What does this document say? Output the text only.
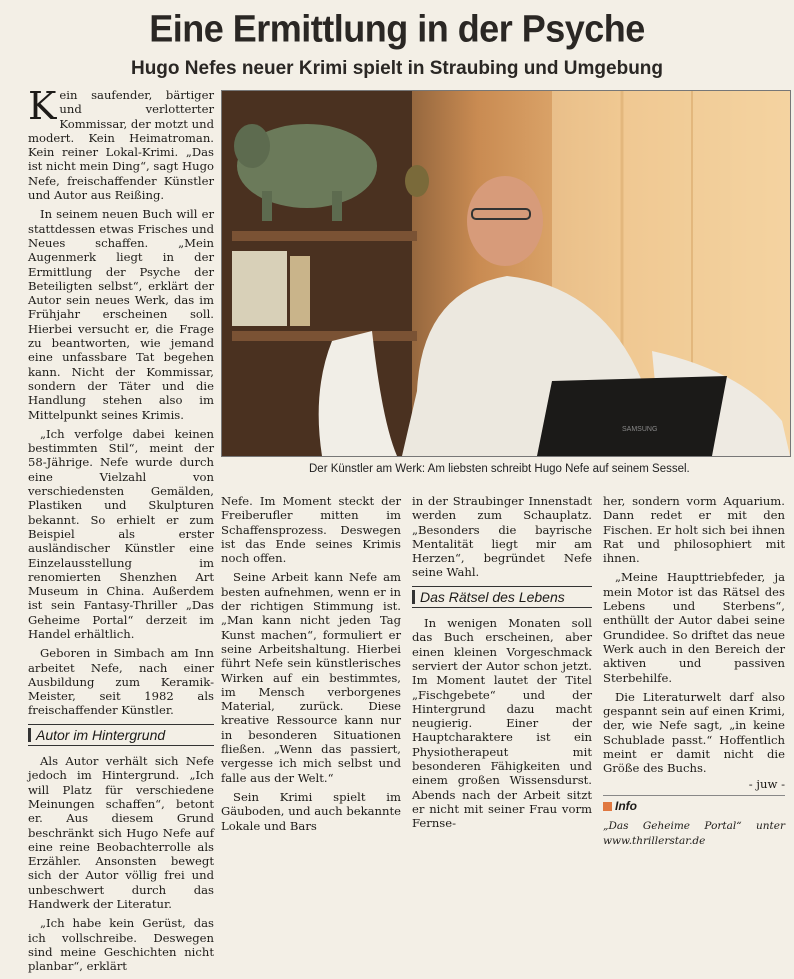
Eine Ermittlung in der Psyche
Hugo Nefes neuer Krimi spielt in Straubing und Umgebung

Kein saufender, bärtiger und verlotterter Kommissar, der motzt und modert. Kein Heimatroman. Kein reiner Lokal-Krimi. „Das ist nicht mein Ding“, sagt Hugo Nefe, freischaffender Künstler und Autor aus Reißing.

In seinem neuen Buch will er stattdessen etwas Frisches und Neues schaffen. „Mein Augenmerk liegt in der Ermittlung der Psyche der Beteiligten selbst“, erklärt der Autor sein neues Werk, das im Frühjahr erscheinen soll. Hierbei versucht er, die Frage zu beantworten, wie jemand eine unfassbare Tat begehen kann. Nicht der Kommissar, sondern der Täter und die Handlung stehen also im Mittelpunkt seines Krimis.

„Ich verfolge dabei keinen bestimmten Stil“, meint der 58-Jährige. Nefe wurde durch eine Vielzahl von verschiedensten Gemälden, Plastiken und Skulpturen bekannt. So erhielt er zum Beispiel als erster ausländischer Künstler eine Einzelausstellung im renomierten Shenzhen Art Museum in China. Außerdem ist sein Fantasy-Thriller „Das Geheime Portal“ derzeit im Handel erhältlich.

Geboren in Simbach am Inn arbeitet Nefe, nach einer Ausbildung zum Keramik-Meister, seit 1982 als freischaffender Künstler.

Autor im Hintergrund

Als Autor verhält sich Nefe jedoch im Hintergrund. „Ich will Platz für verschiedene Meinungen schaffen“, betont er. Aus diesem Grund beschränkt sich Hugo Nefe auf eine reine Beobachterrolle als Erzähler. Ansonsten bewegt sich der Autor völlig frei und unbeschwert durch das Handwerk der Literatur.

„Ich habe kein Gerüst, das ich vollschreibe. Deswegen sind meine Geschichten nicht planbar“, erklärt

SAMSUNG
Der Künstler am Werk: Am liebsten schreibt Hugo Nefe auf seinem Sessel.

Nefe. Im Moment steckt der Freiberufler mitten im Schaffensprozess. Deswegen ist das Ende seines Krimis noch offen.

Seine Arbeit kann Nefe am besten aufnehmen, wenn er in der richtigen Stimmung ist. „Man kann nicht jeden Tag Kunst machen“, formuliert er seine Arbeitshaltung. Hierbei führt Nefe sein künstlerisches Wirken auf ein bestimmtes, im Mensch verborgenes Material, zurück. Diese kreative Ressource kann nur in besonderen Situationen fließen. „Wenn das passiert, vergesse ich mich selbst und falle aus der Welt.“

Sein Krimi spielt im Gäuboden, und auch bekannte Lokale und Bars

in der Straubinger Innenstadt werden zum Schauplatz. „Besonders die bayrische Mentalität liegt mir am Herzen“, begründet Nefe seine Wahl.

Das Rätsel des Lebens

In wenigen Monaten soll das Buch erscheinen, aber einen kleinen Vorgeschmack serviert der Autor schon jetzt. Im Moment lautet der Titel „Fischgebete“ und der Hintergrund dazu macht neugierig. Einer der Hauptcharaktere ist ein Physiotherapeut mit besonderen Fähigkeiten und einem großen Wissensdurst. Abends nach der Arbeit sitzt er nicht mit seiner Frau vorm Fernse-

her, sondern vorm Aquarium. Dann redet er mit den Fischen. Er holt sich bei ihnen Rat und philosophiert mit ihnen.

„Meine Haupttriebfeder, ja mein Motor ist das Rätsel des Lebens und Sterbens“, enthüllt der Autor dabei seine Grundidee. So driftet das neue Werk auch in den Bereich der aktiven und passiven Sterbehilfe.

Die Literaturwelt darf also gespannt sein auf einen Krimi, der, wie Nefe sagt, „in keine Schublade passt.“ Hoffentlich meint er damit nicht die Größe des Buchs.

- juw -
Info
„Das Geheime Portal“ unter www.thrillerstar.de
